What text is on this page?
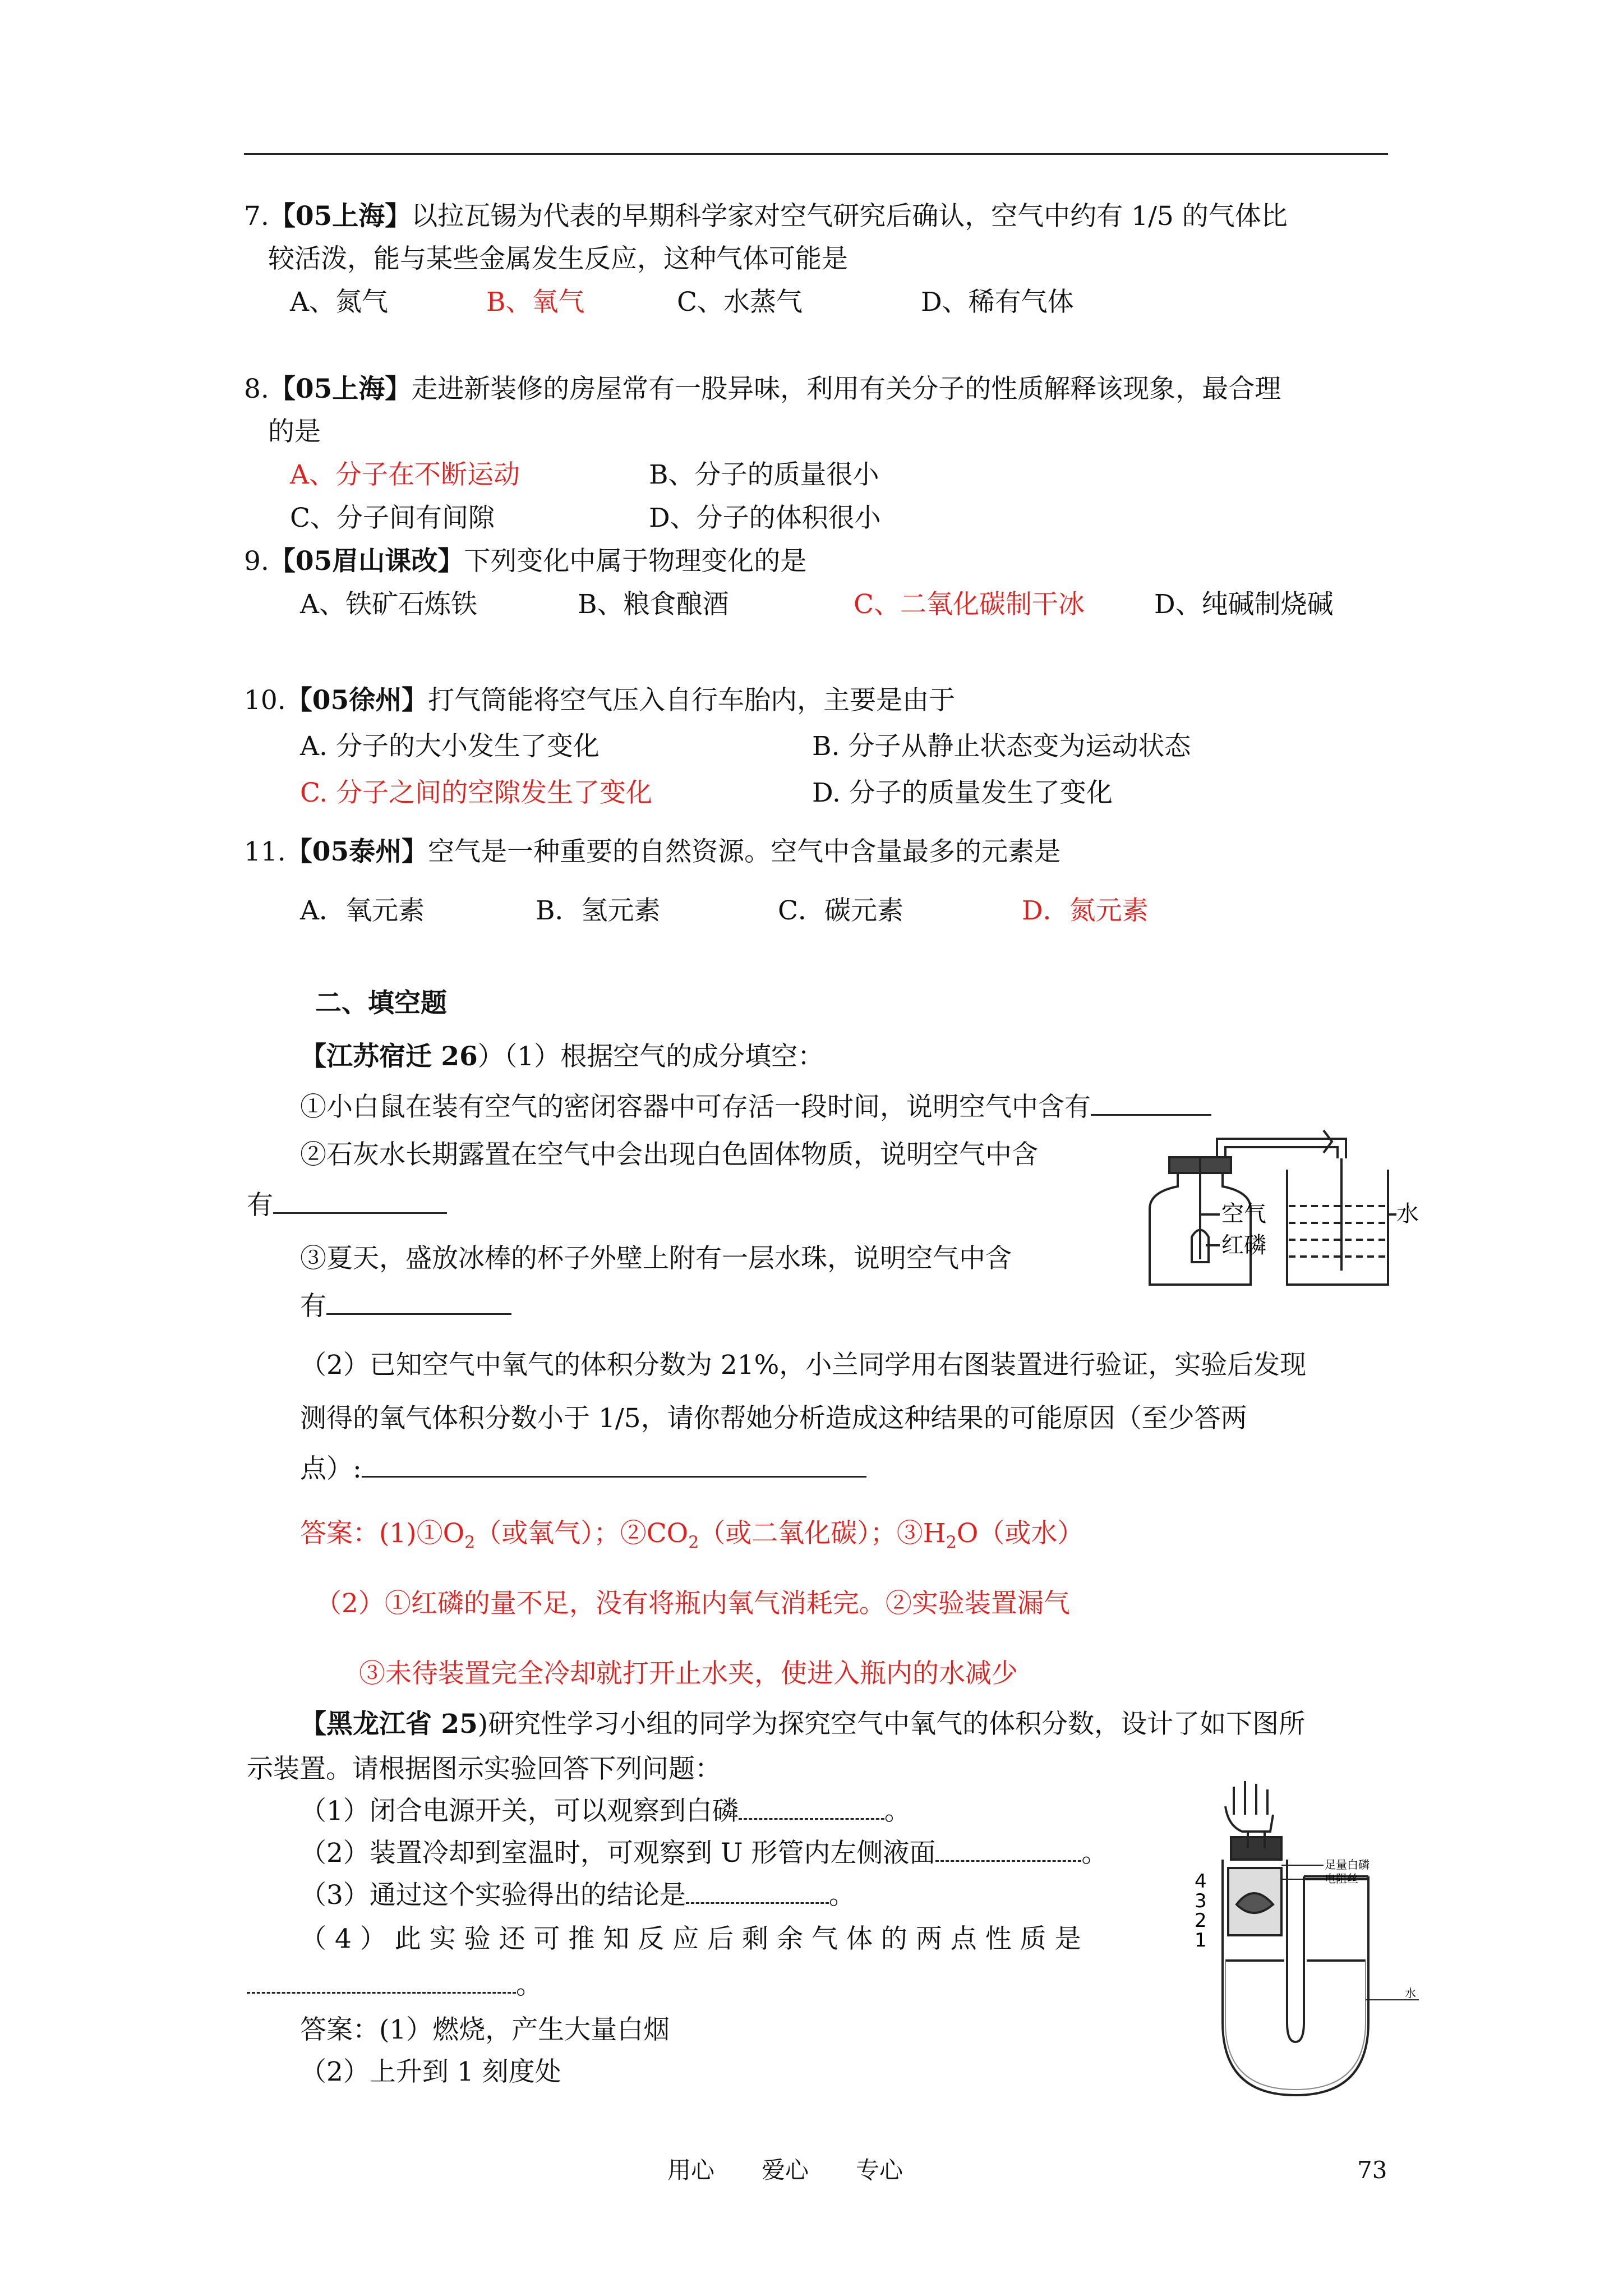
7.【05上海】以拉瓦锡为代表的早期科学家对空气研究后确认，空气中约有 1/5 的气体比
较活泼，能与某些金属发生反应，这种气体可能是
A、氮气	B、氧气	C、水蒸气	D、稀有气体
8.【05上海】走进新装修的房屋常有一股异味，利用有关分子的性质解释该现象，最合理
的是
A、分子在不断运动	B、分子的质量很小
C、分子间有间隙	D、分子的体积很小
9.【05眉山课改】下列变化中属于物理变化的是
A、铁矿石炼铁	B、粮食酿酒	C、二氧化碳制干冰	D、纯碱制烧碱
10.【05徐州】打气筒能将空气压入自行车胎内，主要是由于
A. 分子的大小发生了变化	B. 分子从静止状态变为运动状态
C. 分子之间的空隙发生了变化	D. 分子的质量发生了变化
11.【05泰州】空气是一种重要的自然资源。空气中含量最多的元素是
A．氧元素	B．氢元素	C．碳元素	D．氮元素
二、填空题
【江苏宿迁 26）（1）根据空气的成分填空：
①小白鼠在装有空气的密闭容器中可存活一段时间，说明空气中含有
②石灰水长期露置在空气中会出现白色固体物质，说明空气中含
有
③夏天，盛放冰棒的杯子外壁上附有一层水珠，说明空气中含
有
空气
红磷
水
（2）已知空气中氧气的体积分数为 21%，小兰同学用右图装置进行验证，实验后发现
测得的氧气体积分数小于 1/5，请你帮她分析造成这种结果的可能原因（至少答两
点）:
答案：$(1)①O_2$（或氧气）；$②CO_2$（或二氧化碳）；$③H_2O$（或水）
（2）①红磷的量不足，没有将瓶内氧气消耗完。②实验装置漏气
③未待装置完全冷却就打开止水夹，使进入瓶内的水减少
【黑龙江省 25)研究性学习小组的同学为探究空气中氧气的体积分数，设计了如下图所
示装置。请根据图示实验回答下列问题：
（1）闭合电源开关，可以观察到白磷	。
（2）装置冷却到室温时，可观察到 U 形管内左侧液面	。
（3）通过这个实验得出的结论是	。
（ 4 ） 此 实 验 还 可 推 知 反 应 后 剩 余 气 体 的 两 点 性 质 是
。
答案：(1）燃烧，产生大量白烟
（2）上升到 1 刻度处
4
3
2
1
足量白磷
电阻丝
水
用心　　爱心　　专心	73
